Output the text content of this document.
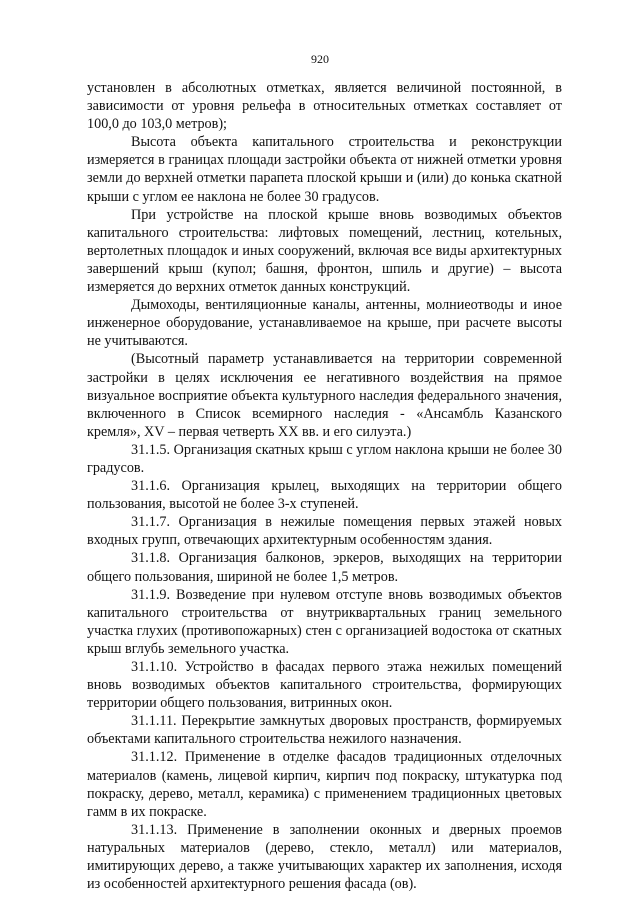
920

установлен в абсолютных отметках, является величиной постоянной, в зависимости от уровня рельефа в относительных отметках составляет от 100,0 до 103,0 метров);

Высота объекта капитального строительства и реконструкции измеряется в границах площади застройки объекта от нижней отметки уровня земли до верхней отметки парапета плоской крыши и (или) до конька скатной крыши с углом ее наклона не более 30 градусов.

При устройстве на плоской крыше вновь возводимых объектов капитального строительства: лифтовых помещений, лестниц, котельных, вертолетных площадок и иных сооружений, включая все виды архитектурных завершений крыш (купол; башня, фронтон, шпиль и другие) – высота измеряется до верхних отметок данных конструкций.

Дымоходы, вентиляционные каналы, антенны, молниеотводы и иное инженерное оборудование, устанавливаемое на крыше, при расчете высоты не учитываются.

(Высотный параметр устанавливается на территории современной застройки в целях исключения ее негативного воздействия на прямое визуальное восприятие объекта культурного наследия федерального значения, включенного в Список всемирного наследия - «Ансамбль Казанского кремля», XV – первая четверть XX вв. и его силуэта.)

31.1.5. Организация скатных крыш с углом наклона крыши не более 30 градусов.

31.1.6. Организация крылец, выходящих на территории общего пользования, высотой не более 3-х ступеней.

31.1.7. Организация в нежилые помещения первых этажей новых входных групп, отвечающих архитектурным особенностям здания.

31.1.8. Организация балконов, эркеров, выходящих на территории общего пользования, шириной не более 1,5 метров.

31.1.9. Возведение при нулевом отступе вновь возводимых объектов капитального строительства от внутриквартальных границ земельного участка глухих (противопожарных) стен с организацией водостока от скатных крыш вглубь земельного участка.

31.1.10. Устройство в фасадах первого этажа нежилых помещений вновь возводимых объектов капитального строительства, формирующих территории общего пользования, витринных окон.

31.1.11. Перекрытие замкнутых дворовых пространств, формируемых объектами капитального строительства нежилого назначения.

31.1.12. Применение в отделке фасадов традиционных отделочных материалов (камень, лицевой кирпич, кирпич под покраску, штукатурка под покраску, дерево, металл, керамика) с применением традиционных цветовых гамм в их покраске.

31.1.13. Применение в заполнении оконных и дверных проемов натуральных материалов (дерево, стекло, металл) или материалов, имитирующих дерево, а также учитывающих характер их заполнения, исходя из особенностей архитектурного решения фасада (ов).
